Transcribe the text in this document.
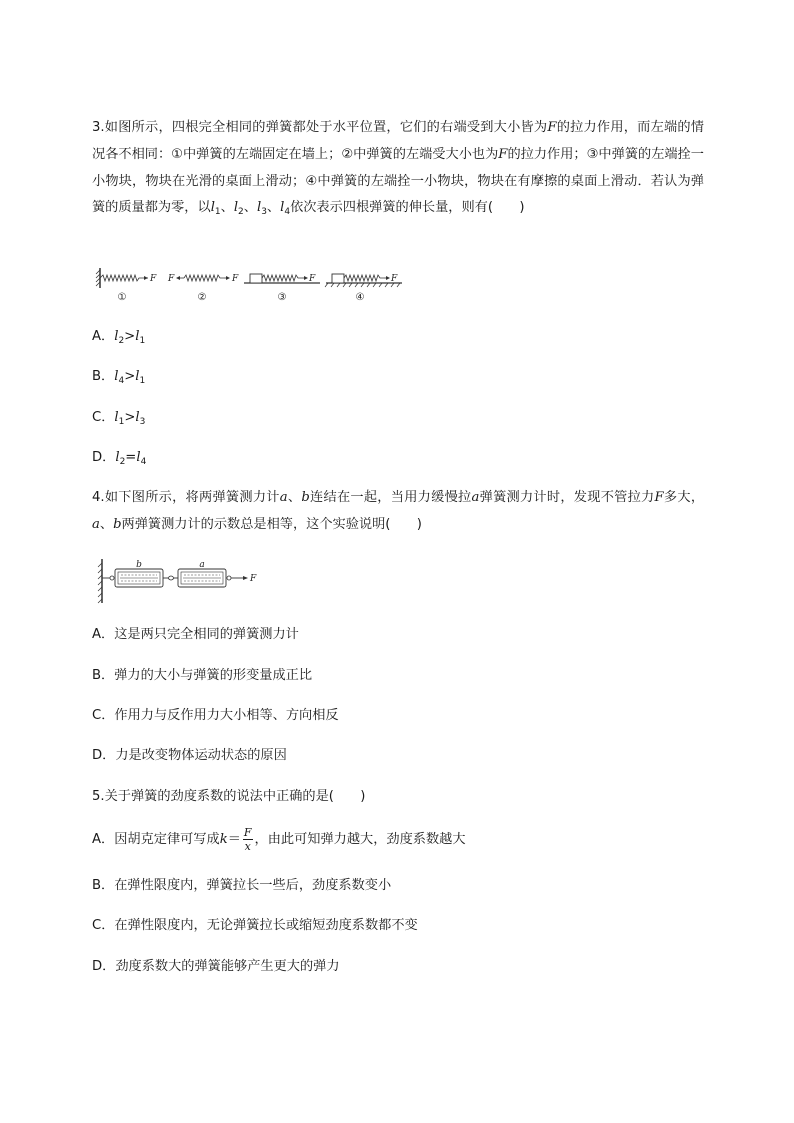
3.如图所示，四根完全相同的弹簧都处于水平位置，它们的右端受到大小皆为F的拉力作用，而左端的情况各不相同：①中弹簧的左端固定在墙上；②中弹簧的左端受大小也为F的拉力作用；③中弹簧的左端拴一小物块，物块在光滑的桌面上滑动；④中弹簧的左端拴一小物块，物块在有摩擦的桌面上滑动．若认为弹簧的质量都为零，以$l_1$、$l_2$、$l_3$、$l_4$依次表示四根弹簧的伸长量，则有(　　)
F
①
F	F
②
F
③
F
④
A．$l_2>l_1$
B．$l_4>l_1$
C．$l_1>l_3$
D．$l_2=l_4$
4.如下图所示，将两弹簧测力计a、b连结在一起，当用力缓慢拉a弹簧测力计时，发现不管拉力F多大，a、b两弹簧测力计的示数总是相等，这个实验说明(　　)
b	a
F
A．这是两只完全相同的弹簧测力计
B．弹力的大小与弹簧的形变量成正比
C．作用力与反作用力大小相等、方向相反
D．力是改变物体运动状态的原因
5.关于弹簧的劲度系数的说法中正确的是(　　)
A．因胡克定律可写成$k= \frac{F}{x}$ ，由此可知弹力越大，劲度系数越大
B．在弹性限度内，弹簧拉长一些后，劲度系数变小
C．在弹性限度内，无论弹簧拉长或缩短劲度系数都不变
D．劲度系数大的弹簧能够产生更大的弹力
